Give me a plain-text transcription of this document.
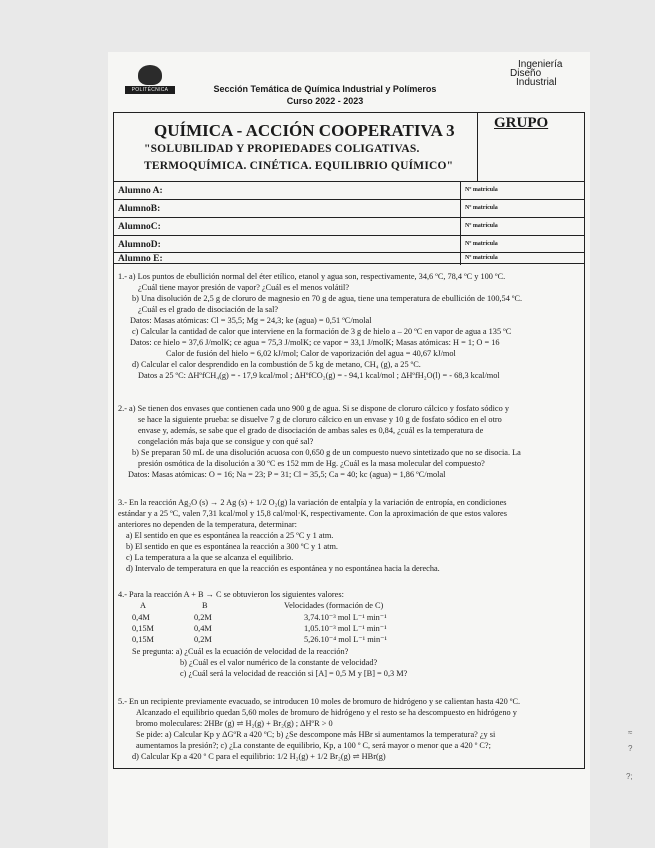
POLITÉCNICA	Sección Temática de Química Industrial y Polímeros
Curso 2022 - 2023
Ingeniería
Diseño
Industrial
QUÍMICA - ACCIÓN COOPERATIVA 3
"SOLUBILIDAD Y PROPIEDADES COLIGATIVAS.
TERMOQUÍMICA. CINÉTICA. EQUILIBRIO QUÍMICO"
GRUPO
Alumno A:	Nº matrícula
AlumnoB:	Nº matrícula
AlumnoC:	Nº matrícula
AlumnoD:	Nº matrícula
Alumno E:	Nº matrícula

1.- a) Los puntos de ebullición normal del éter etílico, etanol y agua son, respectivamente, 34,6 ºC, 78,4 ºC y 100 ºC.

¿Cuál tiene mayor presión de vapor? ¿Cuál es el menos volátil?

b) Una disolución de 2,5 g de cloruro de magnesio en 70 g de agua, tiene una temperatura de ebullición de 100,54 ºC.

¿Cuál es el grado de disociación de la sal?

Datos: Masas atómicas: Cl = 35,5; Mg = 24,3; ke (agua) = 0,51 ºC/molal

c) Calcular la cantidad de calor que interviene en la formación de 3 g de hielo a – 20 ºC en vapor de agua a 135 ºC

Datos: ce hielo = 37,6 J/molK; ce agua = 75,3 J/molK; ce vapor = 33,1 J/molK; Masas atómicas: H = 1; O = 16

Calor de fusión del hielo = 6,02 kJ/mol; Calor de vaporización del agua = 40,67 kJ/mol

d) Calcular el calor desprendido en la combustión de 5 kg de metano, CH₄ (g), a 25 ºC.

Datos a 25 ºC: ΔHºfCH₄(g) = - 17,9 kcal/mol ; ΔHºfCO₂(g) = - 94,1 kcal/mol ; ΔHºfH₂O(l) = - 68,3 kcal/mol

2.- a) Se tienen dos envases que contienen cada uno 900 g de agua. Si se dispone de cloruro cálcico y fosfato sódico y

se hace la siguiente prueba: se disuelve 7 g de cloruro cálcico en un envase y 10 g de fosfato sódico en el otro

envase y, además, se sabe que el grado de disociación de ambas sales es 0,84, ¿cuál es la temperatura de

congelación más baja que se consigue y con qué sal?

b) Se preparan 50 mL de una disolución acuosa con 0,650 g de un compuesto nuevo sintetizado que no se disocia. La

presión osmótica de la disolución a 30 ºC es 152 mm de Hg. ¿Cuál es la masa molecular del compuesto?

Datos: Masas atómicas: O = 16; Na = 23; P = 31; Cl = 35,5; Ca = 40; kc (agua) = 1,86 ºC/molal

3.- En la reacción Ag₂O (s) → 2 Ag (s) + 1/2 O₂(g) la variación de entalpía y la variación de entropía, en condiciones

estándar y a 25 ºC, valen 7,31 kcal/mol y 15,8 cal/mol·K, respectivamente. Con la aproximación de que estos valores

anteriores no dependen de la temperatura, determinar:

a) El sentido en que es espontánea la reacción a 25 ºC y 1 atm.

b) El sentido en que es espontánea la reacción a 300 ºC y 1 atm.

c) La temperatura a la que se alcanza el equilibrio.

d) Intervalo de temperatura en que la reacción es espontánea y no espontánea hacia la derecha.

4.- Para la reacción A + B → C se obtuvieron los siguientes valores:

A	B	Velocidades (formación de C)

0,4M	0,2M	3,74.10⁻³ mol L⁻¹ min⁻¹

0,15M	0,4M	1,05.10⁻³ mol L⁻¹ min⁻¹

0,15M	0,2M	5,26.10⁻⁴ mol L⁻¹ min⁻¹

Se pregunta: a) ¿Cuál es la ecuación de velocidad de la reacción?

b) ¿Cuál es el valor numérico de la constante de velocidad?

c) ¿Cuál será la velocidad de reacción si [A] = 0,5 M y [B] = 0,3 M?

5.- En un recipiente previamente evacuado, se introducen 10 moles de bromuro de hidrógeno y se calientan hasta 420 ºC.

Alcanzado el equilibrio quedan 5,60 moles de bromuro de hidrógeno y el resto se ha descompuesto en hidrógeno y

bromo moleculares: 2HBr (g) ⇌ H₂(g) + Br₂(g) ; ΔHºR > 0

Se pide: a) Calcular Kp y ΔGºR a 420 ºC; b) ¿Se descompone más HBr si aumentamos la temperatura? ¿y si

aumentamos la presión?; c) ¿La constante de equilibrio, Kp, a 100 º C, será mayor o menor que a 420 º C?;

d) Calcular Kp a 420 º C para el equilibrio: 1/2 H₂(g) + 1/2 Br₂(g) ⇌ HBr(g)

≈
?
?;
